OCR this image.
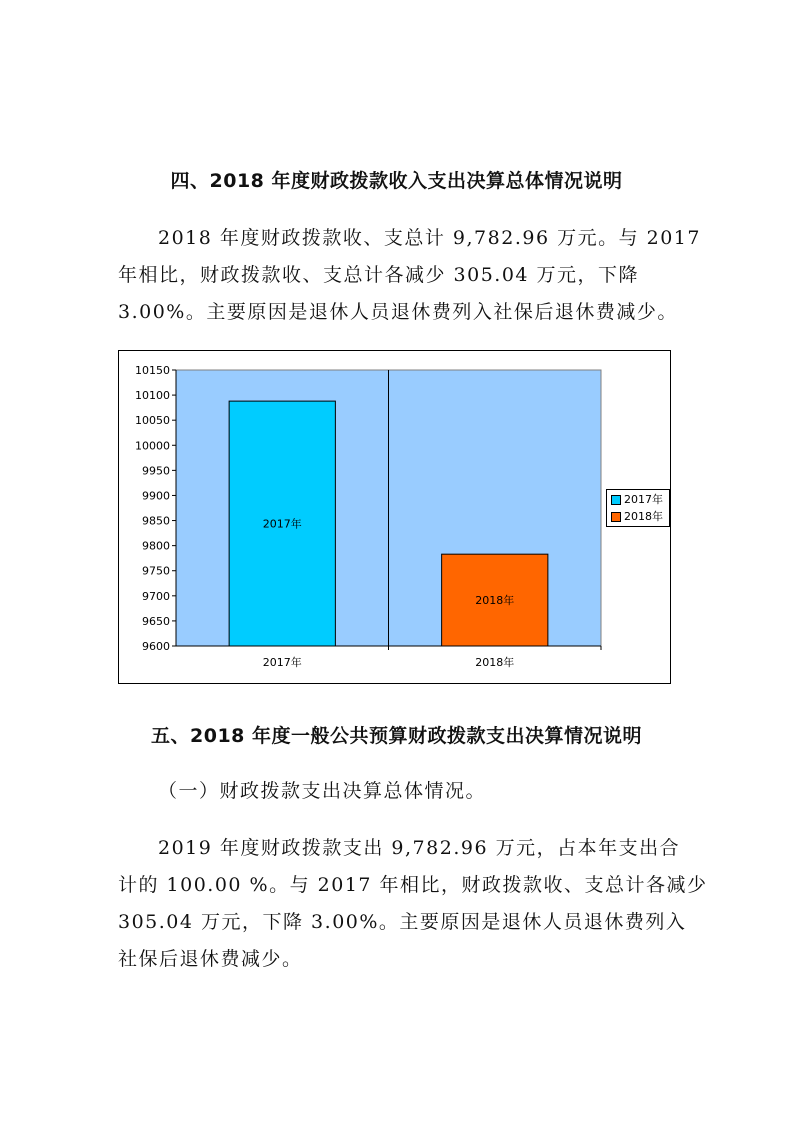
四、2018 年度财政拨款收入支出决算总体情况说明
2018 年度财政拨款收、支总计 9,782.96 万元。与 2017
年相比，财政拨款收、支总计各减少 305.04 万元，下降
3.00%。主要原因是退休人员退休费列入社保后退休费减少。
9600
9650
9700
9750
9800
9850
9900
9950
10000
10050
10100
10150
2017年
2017年
2018年
2018年
2017年
2018年
五、2018 年度一般公共预算财政拨款支出决算情况说明
（一）财政拨款支出决算总体情况。
2019 年度财政拨款支出 9,782.96 万元，占本年支出合
计的 100.00 %。与 2017 年相比，财政拨款收、支总计各减少
305.04 万元，下降 3.00%。主要原因是退休人员退休费列入
社保后退休费减少。
